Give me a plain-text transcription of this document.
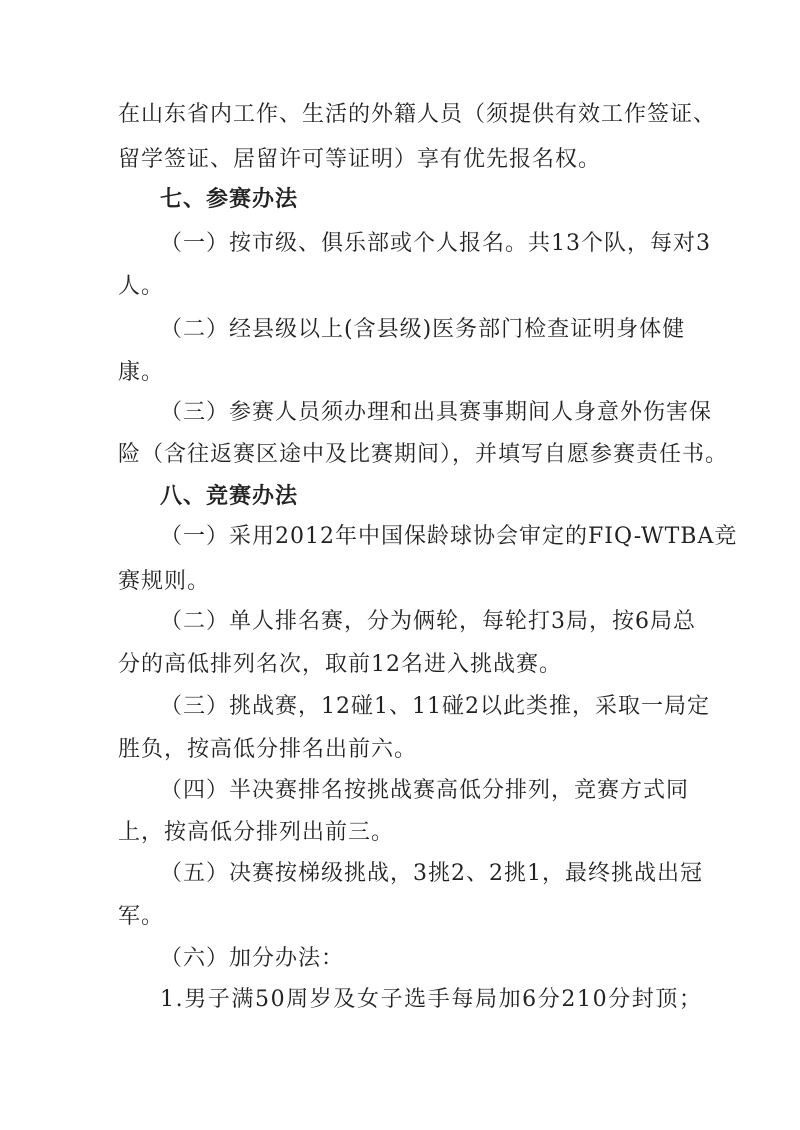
在山东省内工作、生活的外籍人员（须提供有效工作签证、
留学签证、居留许可等证明）享有优先报名权。
七、参赛办法
（一）按市级、俱乐部或个人报名。共13个队，每对3
人。
（二）经县级以上(含县级)医务部门检查证明身体健
康。
（三）参赛人员须办理和出具赛事期间人身意外伤害保
险（含往返赛区途中及比赛期间），并填写自愿参赛责任书。
八、竞赛办法
（一）采用2012年中国保龄球协会审定的FIQ-WTBA竞
赛规则。
（二）单人排名赛，分为俩轮，每轮打3局，按6局总
分的高低排列名次，取前12名进入挑战赛。
（三）挑战赛，12碰1、11碰2以此类推，采取一局定
胜负，按高低分排名出前六。
（四）半决赛排名按挑战赛高低分排列，竞赛方式同
上，按高低分排列出前三。
（五）决赛按梯级挑战，3挑2、2挑1，最终挑战出冠
军。
（六）加分办法：
1.男子满50周岁及女子选手每局加6分210分封顶；
